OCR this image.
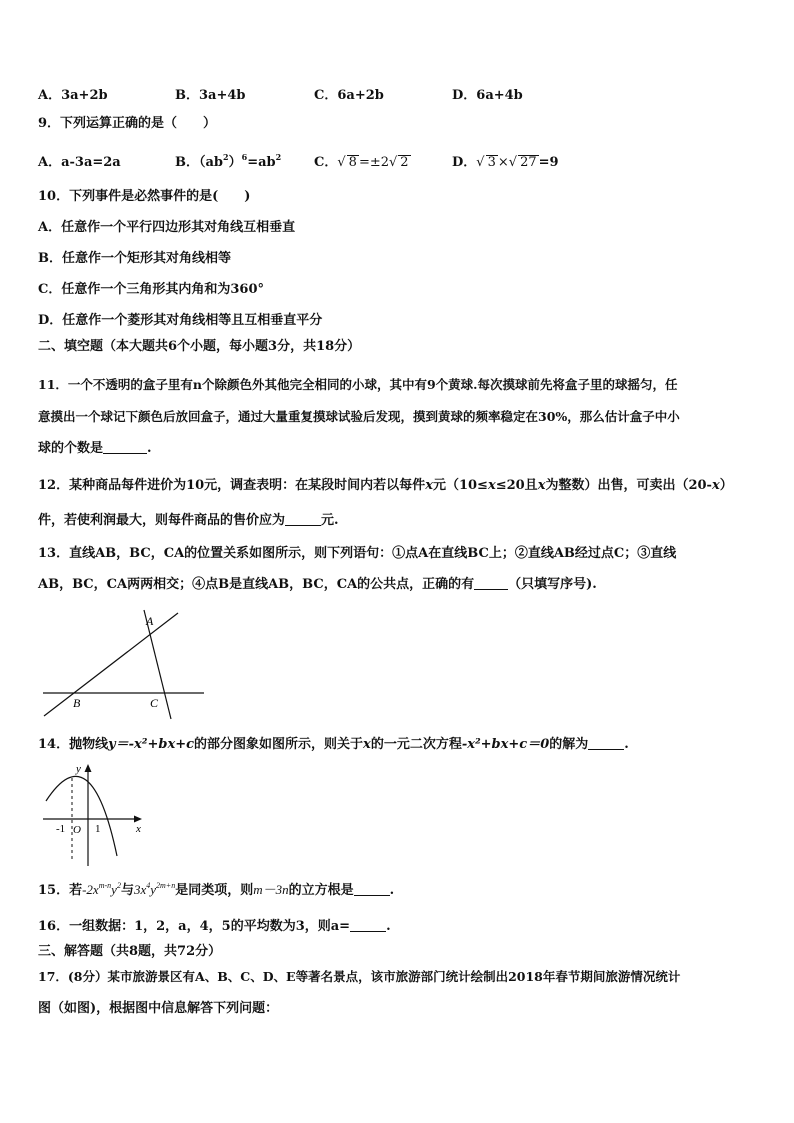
A．3a+2b	B．3a+4b	C．6a+2b	D．6a+4b
9．下列运算正确的是（　　）
A．a-3a=2a	B．$(ab^2)^6=ab^2$	C．√ 8 =±2√ 2	D．√ 3 ×√ 27 =9
10．下列事件是必然事件的是(　　)
A．任意作一个平行四边形其对角线互相垂直
B．任意作一个矩形其对角线相等
C．任意作一个三角形其内角和为360°
D．任意作一个菱形其对角线相等且互相垂直平分
二、填空题（本大题共6个小题，每小题3分，共18分）
11．一个不透明的盒子里有n个除颜色外其他完全相同的小球，其中有9个黄球.每次摸球前先将盒子里的球摇匀，任
意摸出一个球记下颜色后放回盒子，通过大量重复摸球试验后发现，摸到黄球的频率稳定在30%，那么估计盒子中小
球的个数是	.
12．某种商品每件进价为10元，调查表明：在某段时间内若以每件x元（10≤x≤20且x为整数）出售，可卖出（20-x）
件，若使利润最大，则每件商品的售价应为	元.
13．直线AB，BC，CA的位置关系如图所示，则下列语句：①点A在直线BC上；②直线AB经过点C；③直线
AB，BC，CA两两相交；④点B是直线AB，BC，CA的公共点，正确的有	（只填写序号).
A
B	C
14．抛物线y＝-x²+bx+c的部分图象如图所示，则关于x的一元二次方程-x²+bx+c＝0的解为	.
y
x
O
-1	1
15．若$-2x^{m-n}y^2$与$3x^4y^{2m+n}$是同类项，则m－3n的立方根是	.
16．一组数据：1，2，a，4，5的平均数为3，则a=	.
三、解答题（共8题，共72分）
17．(8分）某市旅游景区有A、B、C、D、E等著名景点，该市旅游部门统计绘制出2018年春节期间旅游情况统计
图（如图)，根据图中信息解答下列问题：
